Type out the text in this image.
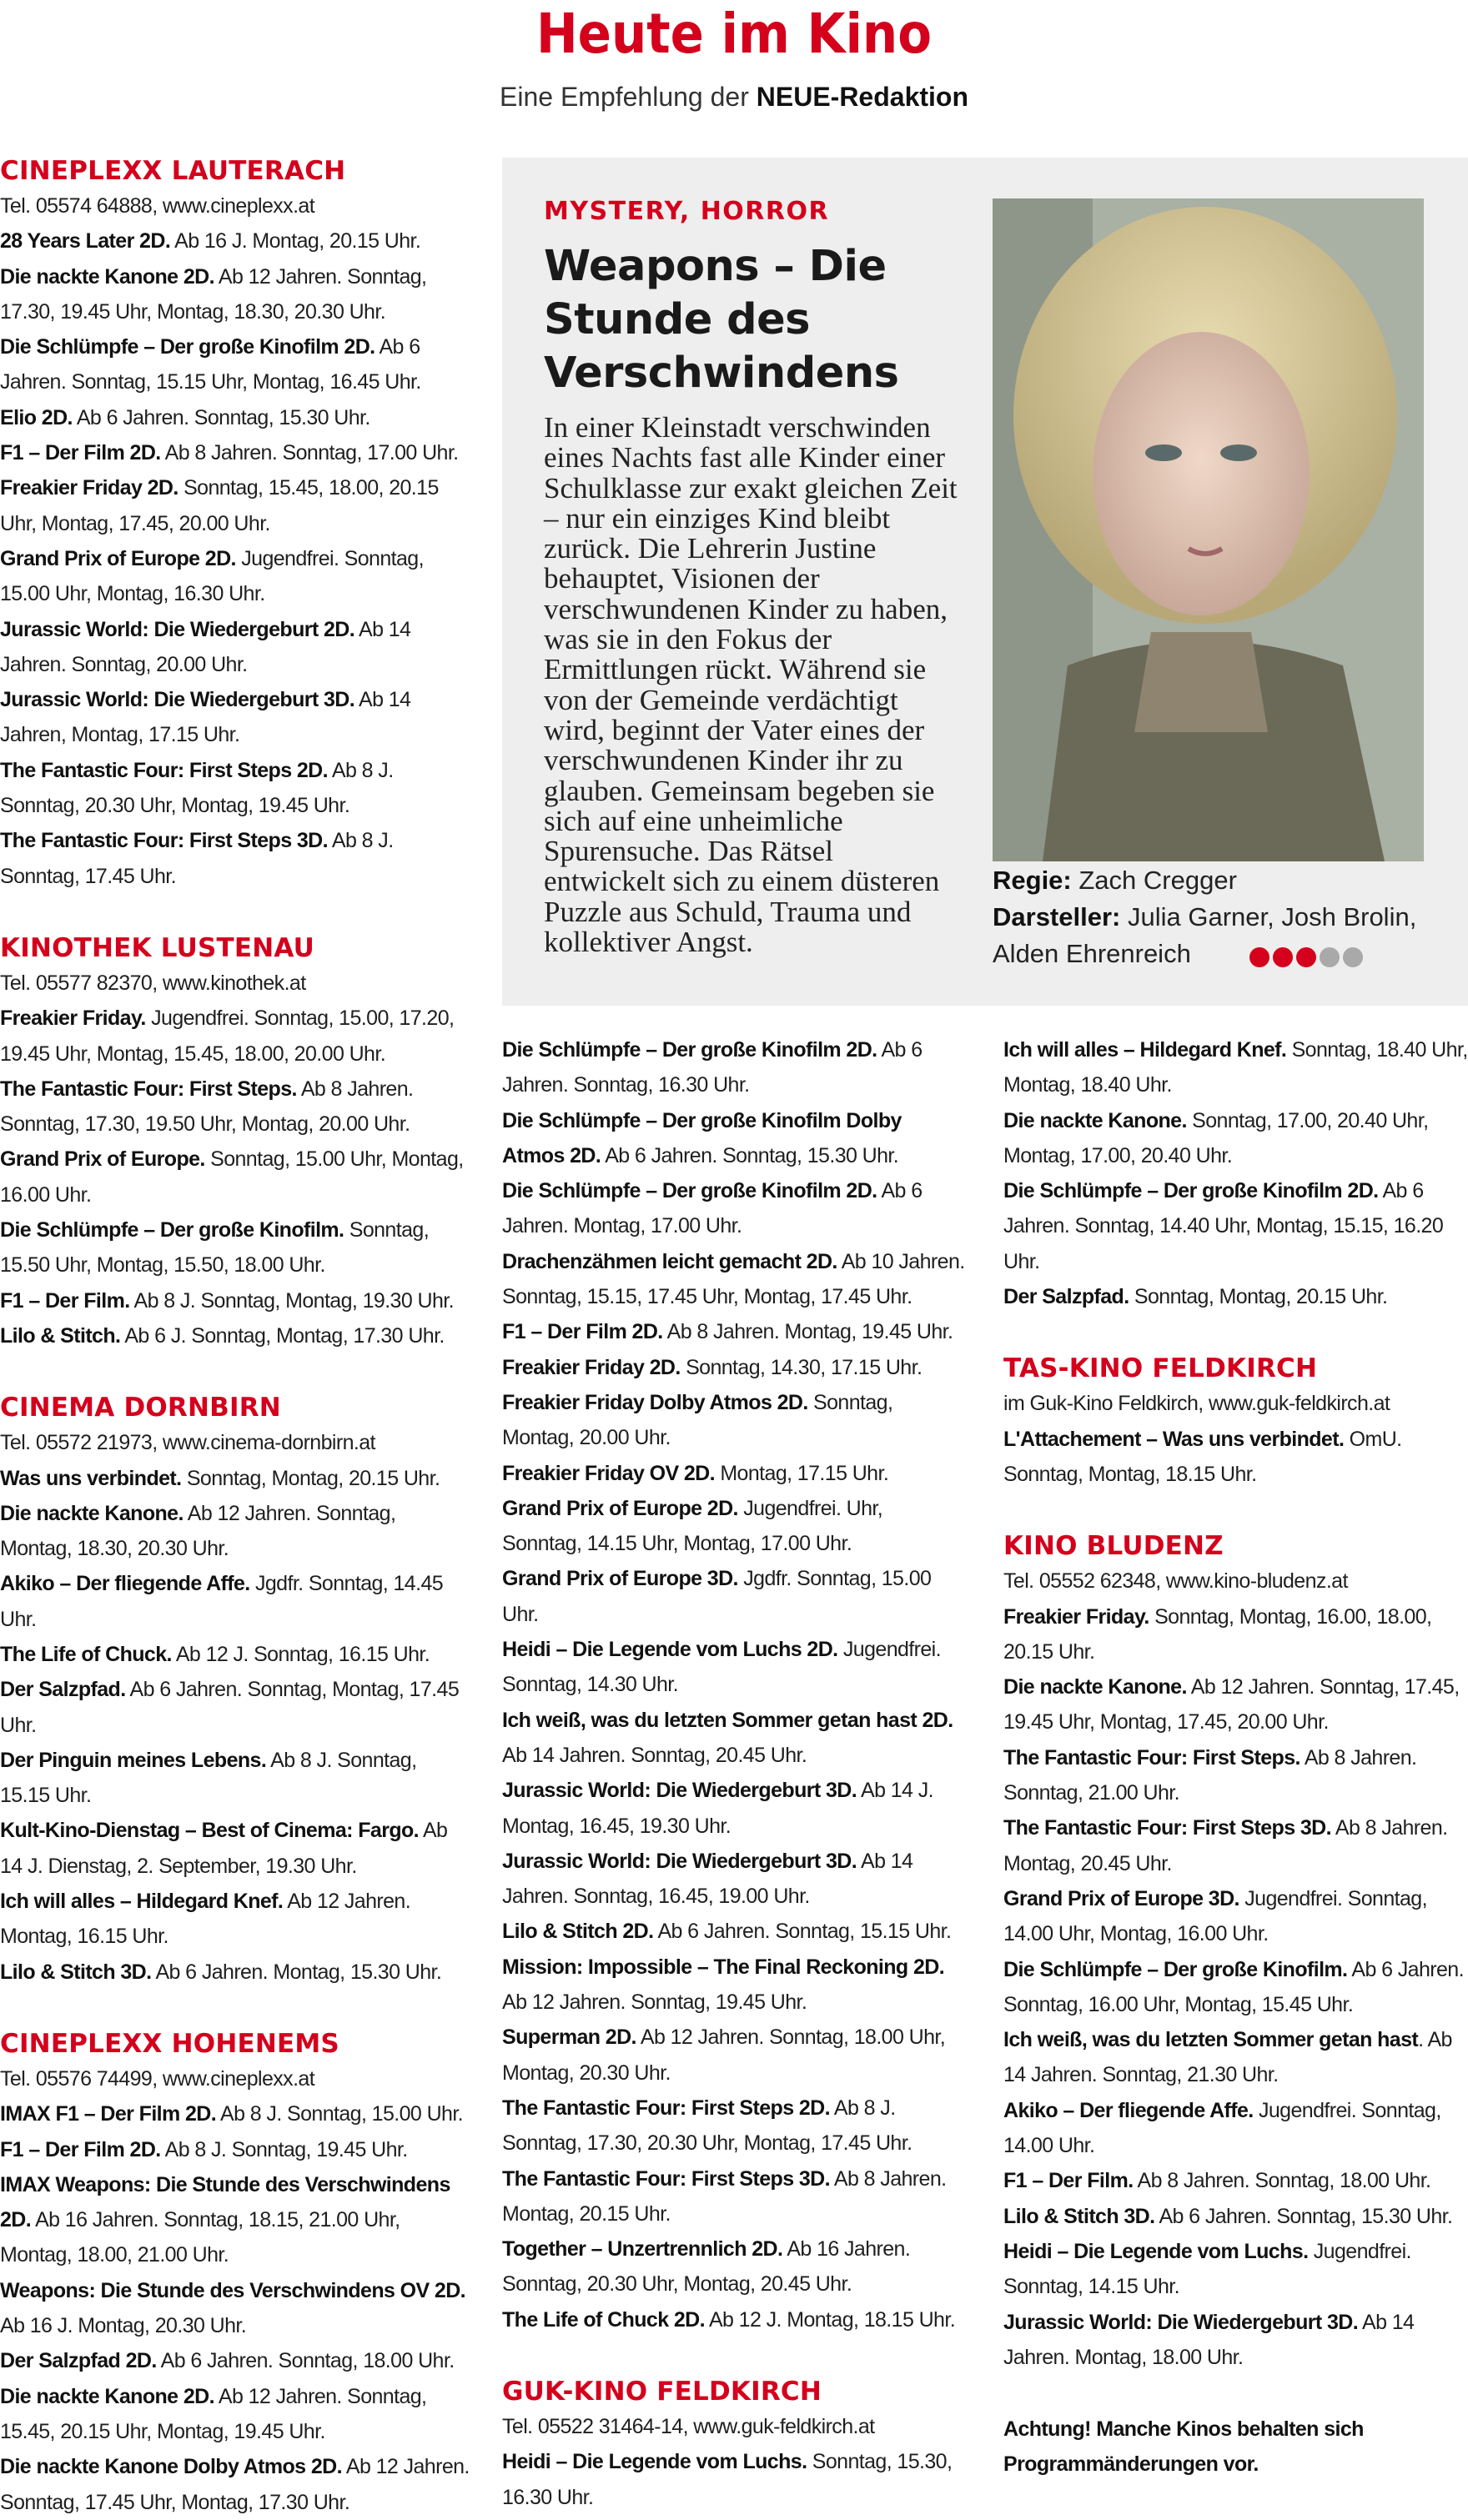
Heute im Kino
Eine Empfehlung der NEUE-Redaktion
MYSTERY, HORROR
Weapons – Die Stunde des Verschwindens
In einer Kleinstadt verschwinden eines Nachts fast alle Kinder einer Schulklasse zur exakt gleichen Zeit – nur ein einziges Kind bleibt zurück. Die Lehrerin Justine behauptet, Visionen der verschwundenen Kinder zu haben, was sie in den Fokus der Ermittlungen rückt. Während sie von der Gemeinde verdächtigt wird, beginnt der Vater eines der verschwundenen Kinder ihr zu glauben. Gemeinsam begeben sie sich auf eine unheimliche Spurensuche. Das Rätsel entwickelt sich zu einem düsteren Puzzle aus Schuld, Trauma und kollektiver Angst.
Regie: Zach Cregger
Darsteller: Julia Garner, Josh Brolin, Alden Ehrenreich
CINEPLEXX LAUTERACH
Tel. 05574 64888, www.cineplexx.at
28 Years Later 2D. Ab 16 J. Montag, 20.15 Uhr.
Die nackte Kanone 2D. Ab 12 Jahren. Sonntag, 17.30, 19.45 Uhr, Montag, 18.30, 20.30 Uhr.
Die Schlümpfe – Der große Kinofilm 2D. Ab 6 Jahren. Sonntag, 15.15 Uhr, Montag, 16.45 Uhr.
Elio 2D. Ab 6 Jahren. Sonntag, 15.30 Uhr.
F1 – Der Film 2D. Ab 8 Jahren. Sonntag, 17.00 Uhr.
Freakier Friday 2D. Sonntag, 15.45, 18.00, 20.15 Uhr, Montag, 17.45, 20.00 Uhr.
Grand Prix of Europe 2D. Jugendfrei. Sonntag, 15.00 Uhr, Montag, 16.30 Uhr.
Jurassic World: Die Wiedergeburt 2D. Ab 14 Jahren. Sonntag, 20.00 Uhr.
Jurassic World: Die Wiedergeburt 3D. Ab 14 Jahren, Montag, 17.15 Uhr.
The Fantastic Four: First Steps 2D. Ab 8 J. Sonntag, 20.30 Uhr, Montag, 19.45 Uhr.
The Fantastic Four: First Steps 3D. Ab 8 J. Sonntag, 17.45 Uhr.
KINOTHEK LUSTENAU
Tel. 05577 82370, www.kinothek.at
Freakier Friday. Jugendfrei. Sonntag, 15.00, 17.20, 19.45 Uhr, Montag, 15.45, 18.00, 20.00 Uhr.
The Fantastic Four: First Steps. Ab 8 Jahren. Sonntag, 17.30, 19.50 Uhr, Montag, 20.00 Uhr.
Grand Prix of Europe. Sonntag, 15.00 Uhr, Montag, 16.00 Uhr.
Die Schlümpfe – Der große Kinofilm. Sonntag, 15.50 Uhr, Montag, 15.50, 18.00 Uhr.
F1 – Der Film. Ab 8 J. Sonntag, Montag, 19.30 Uhr.
Lilo & Stitch. Ab 6 J. Sonntag, Montag, 17.30 Uhr.
CINEMA DORNBIRN
Tel. 05572 21973, www.cinema-dornbirn.at
Was uns verbindet. Sonntag, Montag, 20.15 Uhr.
Die nackte Kanone. Ab 12 Jahren. Sonntag, Montag, 18.30, 20.30 Uhr.
Akiko – Der fliegende Affe. Jgdfr. Sonntag, 14.45 Uhr.
The Life of Chuck. Ab 12 J. Sonntag, 16.15 Uhr.
Der Salzpfad. Ab 6 Jahren. Sonntag, Montag, 17.45 Uhr.
Der Pinguin meines Lebens. Ab 8 J. Sonntag, 15.15 Uhr.
Kult-Kino-Dienstag – Best of Cinema: Fargo. Ab 14 J. Dienstag, 2. September, 19.30 Uhr.
Ich will alles – Hildegard Knef. Ab 12 Jahren. Montag, 16.15 Uhr.
Lilo & Stitch 3D. Ab 6 Jahren. Montag, 15.30 Uhr.
CINEPLEXX HOHENEMS
Tel. 05576 74499, www.cineplexx.at
IMAX F1 – Der Film 2D. Ab 8 J. Sonntag, 15.00 Uhr.
F1 – Der Film 2D. Ab 8 J. Sonntag, 19.45 Uhr.
IMAX Weapons: Die Stunde des Verschwindens 2D. Ab 16 Jahren. Sonntag, 18.15, 21.00 Uhr, Montag, 18.00, 21.00 Uhr.
Weapons: Die Stunde des Verschwindens OV 2D. Ab 16 J. Montag, 20.30 Uhr.
Der Salzpfad 2D. Ab 6 Jahren. Sonntag, 18.00 Uhr.
Die nackte Kanone 2D. Ab 12 Jahren. Sonntag, 15.45, 20.15 Uhr, Montag, 19.45 Uhr.
Die nackte Kanone Dolby Atmos 2D. Ab 12 Jahren. Sonntag, 17.45 Uhr, Montag, 17.30 Uhr.
Die Schlümpfe – Der große Kinofilm 2D. Ab 6 Jahren. Sonntag, 16.30 Uhr.
Die Schlümpfe – Der große Kinofilm Dolby Atmos 2D. Ab 6 Jahren. Sonntag, 15.30 Uhr.
Die Schlümpfe – Der große Kinofilm 2D. Ab 6 Jahren. Montag, 17.00 Uhr.
Drachenzähmen leicht gemacht 2D. Ab 10 Jahren. Sonntag, 15.15, 17.45 Uhr, Montag, 17.45 Uhr.
F1 – Der Film 2D. Ab 8 Jahren. Montag, 19.45 Uhr.
Freakier Friday 2D. Sonntag, 14.30, 17.15 Uhr.
Freakier Friday Dolby Atmos 2D. Sonntag, Montag, 20.00 Uhr.
Freakier Friday OV 2D. Montag, 17.15 Uhr.
Grand Prix of Europe 2D. Jugendfrei. Uhr, Sonntag, 14.15 Uhr, Montag, 17.00 Uhr.
Grand Prix of Europe 3D. Jgdfr. Sonntag, 15.00 Uhr.
Heidi – Die Legende vom Luchs 2D. Jugendfrei. Sonntag, 14.30 Uhr.
Ich weiß, was du letzten Sommer getan hast 2D. Ab 14 Jahren. Sonntag, 20.45 Uhr.
Jurassic World: Die Wiedergeburt 3D. Ab 14 J. Montag, 16.45, 19.30 Uhr.
Jurassic World: Die Wiedergeburt 3D. Ab 14 Jahren. Sonntag, 16.45, 19.00 Uhr.
Lilo & Stitch 2D. Ab 6 Jahren. Sonntag, 15.15 Uhr.
Mission: Impossible – The Final Reckoning 2D. Ab 12 Jahren. Sonntag, 19.45 Uhr.
Superman 2D. Ab 12 Jahren. Sonntag, 18.00 Uhr, Montag, 20.30 Uhr.
The Fantastic Four: First Steps 2D. Ab 8 J. Sonntag, 17.30, 20.30 Uhr, Montag, 17.45 Uhr.
The Fantastic Four: First Steps 3D. Ab 8 Jahren. Montag, 20.15 Uhr.
Together – Unzertrennlich 2D. Ab 16 Jahren. Sonntag, 20.30 Uhr, Montag, 20.45 Uhr.
The Life of Chuck 2D. Ab 12 J. Montag, 18.15 Uhr.
GUK-KINO FELDKIRCH
Tel. 05522 31464-14, www.guk-feldkirch.at
Heidi – Die Legende vom Luchs. Sonntag, 15.30, 16.30 Uhr.
Ich will alles – Hildegard Knef. Sonntag, 18.40 Uhr, Montag, 18.40 Uhr.
Die nackte Kanone. Sonntag, 17.00, 20.40 Uhr, Montag, 17.00, 20.40 Uhr.
Die Schlümpfe – Der große Kinofilm 2D. Ab 6 Jahren. Sonntag, 14.40 Uhr, Montag, 15.15, 16.20 Uhr.
Der Salzpfad. Sonntag, Montag, 20.15 Uhr.
TAS-KINO FELDKIRCH
im Guk-Kino Feldkirch, www.guk-feldkirch.at
L'Attachement – Was uns verbindet. OmU. Sonntag, Montag, 18.15 Uhr.
KINO BLUDENZ
Tel. 05552 62348, www.kino-bludenz.at
Freakier Friday. Sonntag, Montag, 16.00, 18.00, 20.15 Uhr.
Die nackte Kanone. Ab 12 Jahren. Sonntag, 17.45, 19.45 Uhr, Montag, 17.45, 20.00 Uhr.
The Fantastic Four: First Steps. Ab 8 Jahren. Sonntag, 21.00 Uhr.
The Fantastic Four: First Steps 3D. Ab 8 Jahren. Montag, 20.45 Uhr.
Grand Prix of Europe 3D. Jugendfrei. Sonntag, 14.00 Uhr, Montag, 16.00 Uhr.
Die Schlümpfe – Der große Kinofilm. Ab 6 Jahren. Sonntag, 16.00 Uhr, Montag, 15.45 Uhr.
Ich weiß, was du letzten Sommer getan hast. Ab 14 Jahren. Sonntag, 21.30 Uhr.
Akiko – Der fliegende Affe. Jugendfrei. Sonntag, 14.00 Uhr.
F1 – Der Film. Ab 8 Jahren. Sonntag, 18.00 Uhr.
Lilo & Stitch 3D. Ab 6 Jahren. Sonntag, 15.30 Uhr.
Heidi – Die Legende vom Luchs. Jugendfrei. Sonntag, 14.15 Uhr.
Jurassic World: Die Wiedergeburt 3D. Ab 14 Jahren. Montag, 18.00 Uhr.
Achtung! Manche Kinos behalten sich Programmänderungen vor.
